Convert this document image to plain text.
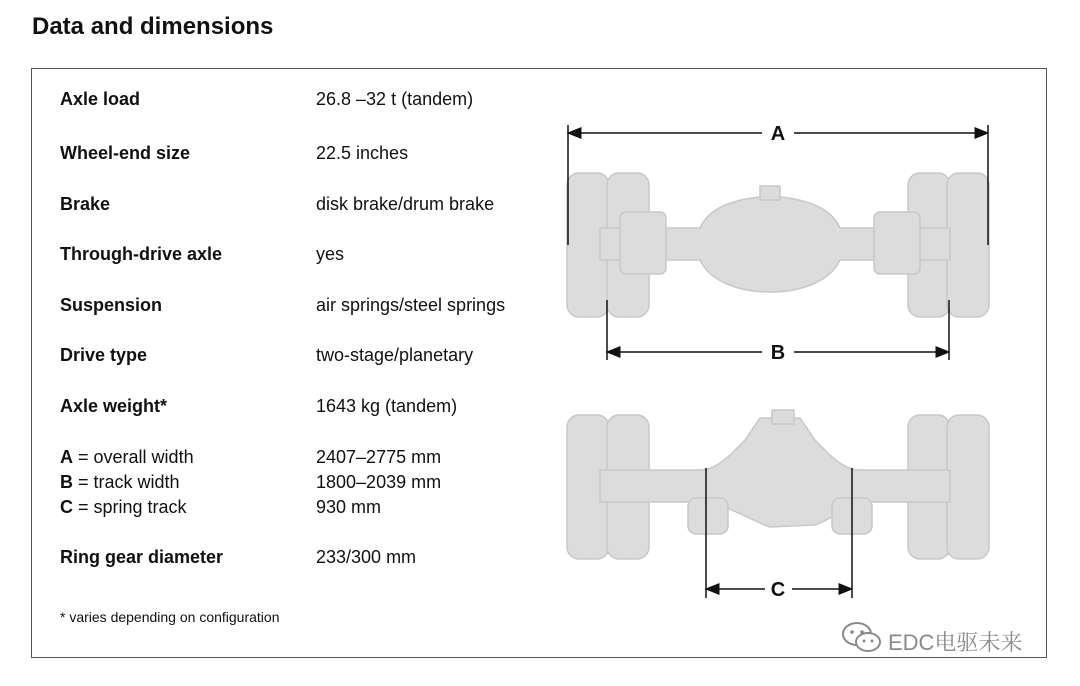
Data and dimensions
Axle load	26.8 –32 t (tandem)
Wheel-end size	22.5 inches
Brake	disk brake/drum brake
Through-drive axle	yes
Suspension	air springs/steel springs
Drive type	two-stage/planetary
Axle weight*	1643 kg (tandem)
A = overall width	2407–2775 mm
B = track width	1800–2039 mm
C = spring track	930 mm
Ring gear diameter	233/300 mm
* varies depending on configuration
A
B
C
EDC电驱未来
